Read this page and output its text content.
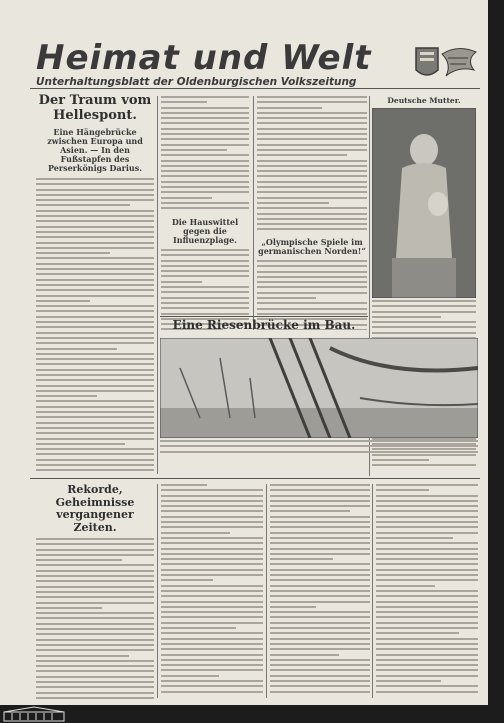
Heimat und Welt
Unterhaltungsblatt der Oldenburgischen Volkszeitung
Der Traum vom Hellespont.
Eine Hängebrücke zwischen Europa und Asien. — In den Fußstapfen des Perserkönigs Darius.
Die Hauswittel gegen die Influenzplage.	„Olympische Spiele im germanischen Norden!“
Deutsche Mutter.
Eine Riesenbrücke im Bau.
Rekorde, Geheimnisse vergangener Zeiten.
